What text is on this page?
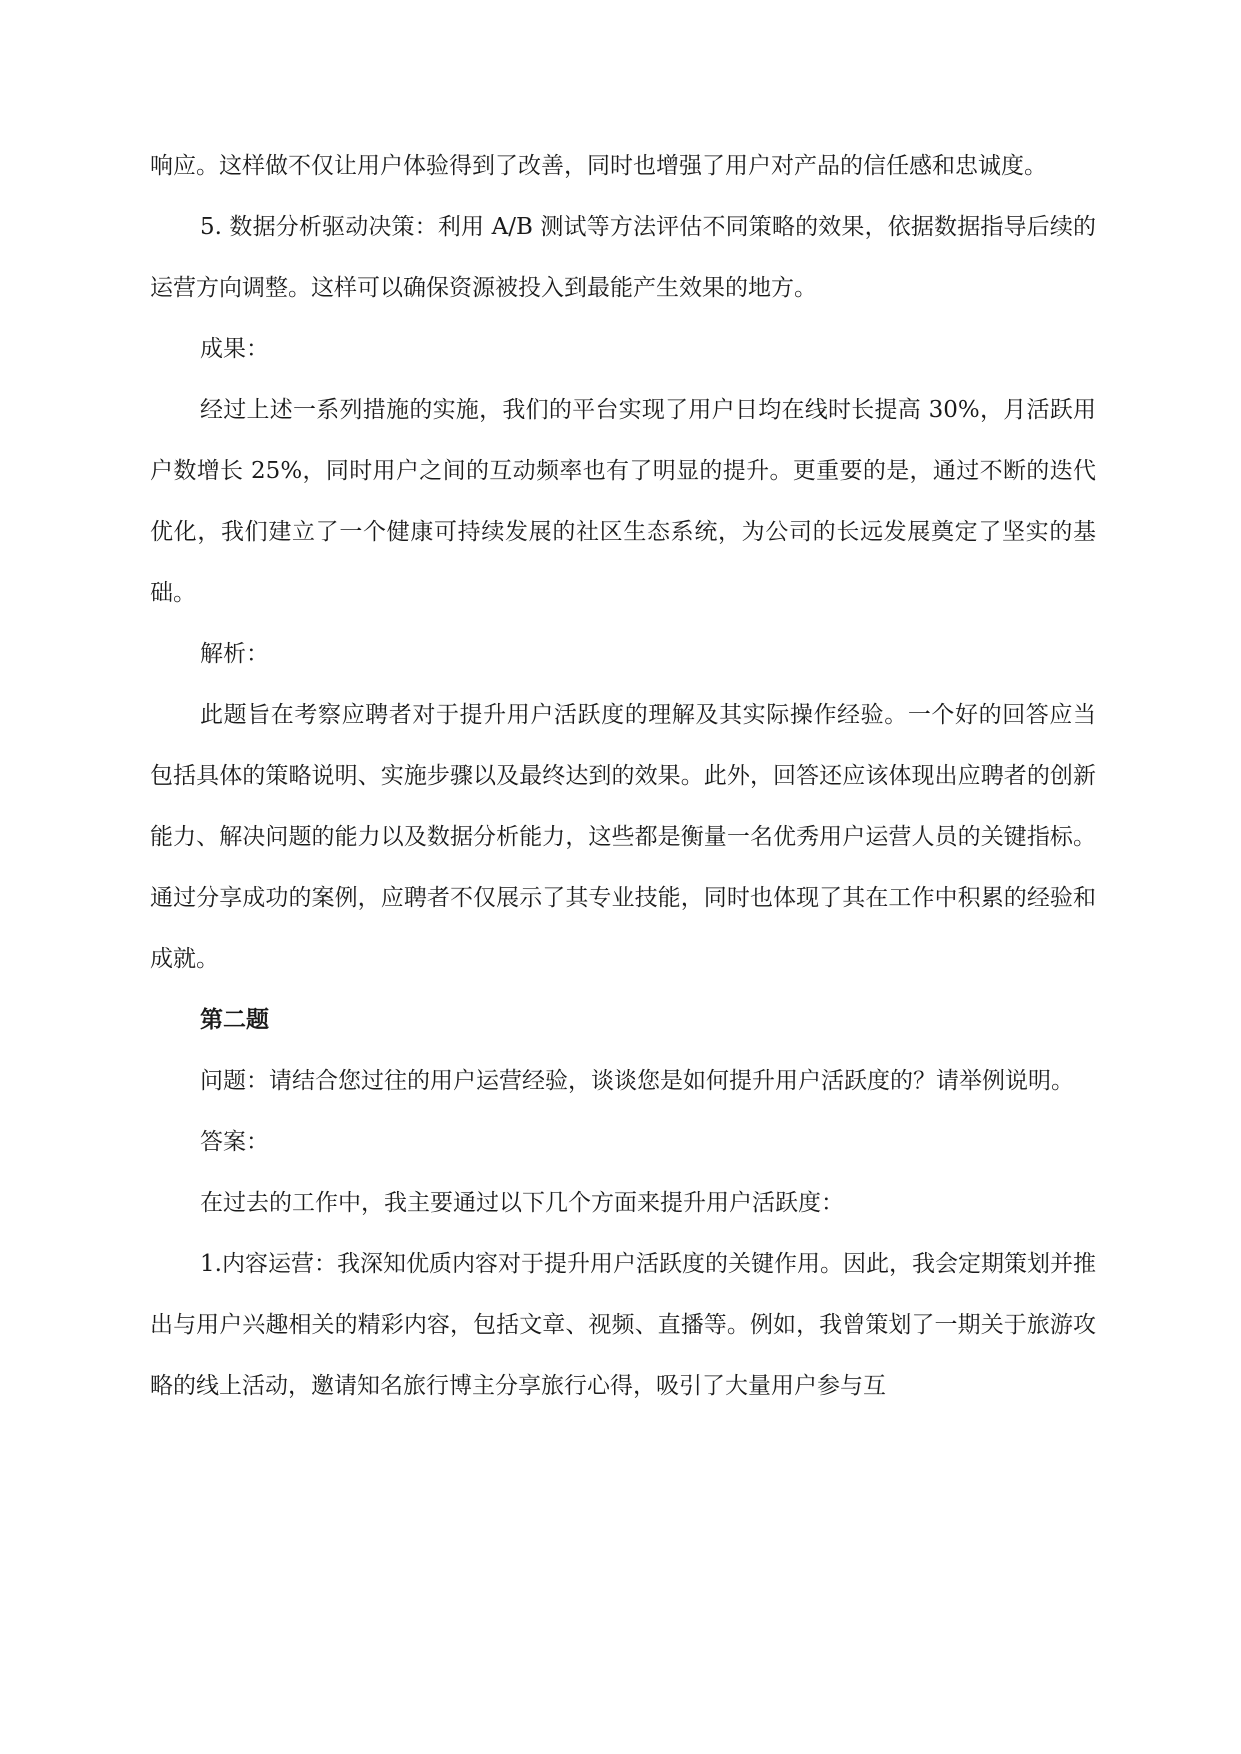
响应。这样做不仅让用户体验得到了改善，同时也增强了用户对产品的信任感和忠诚度。

5. 数据分析驱动决策：利用 A/B 测试等方法评估不同策略的效果，依据数据指导后续的运营方向调整。这样可以确保资源被投入到最能产生效果的地方。

成果：

经过上述一系列措施的实施，我们的平台实现了用户日均在线时长提高 30%，月活跃用户数增长 25%，同时用户之间的互动频率也有了明显的提升。更重要的是，通过不断的迭代优化，我们建立了一个健康可持续发展的社区生态系统，为公司的长远发展奠定了坚实的基础。

解析：

此题旨在考察应聘者对于提升用户活跃度的理解及其实际操作经验。一个好的回答应当包括具体的策略说明、实施步骤以及最终达到的效果。此外，回答还应该体现出应聘者的创新能力、解决问题的能力以及数据分析能力，这些都是衡量一名优秀用户运营人员的关键指标。通过分享成功的案例，应聘者不仅展示了其专业技能，同时也体现了其在工作中积累的经验和成就。

第二题

问题：请结合您过往的用户运营经验，谈谈您是如何提升用户活跃度的？请举例说明。

答案：

在过去的工作中，我主要通过以下几个方面来提升用户活跃度：

1.内容运营：我深知优质内容对于提升用户活跃度的关键作用。因此，我会定期策划并推出与用户兴趣相关的精彩内容，包括文章、视频、直播等。例如，我曾策划了一期关于旅游攻略的线上活动，邀请知名旅行博主分享旅行心得，吸引了大量用户参与互
